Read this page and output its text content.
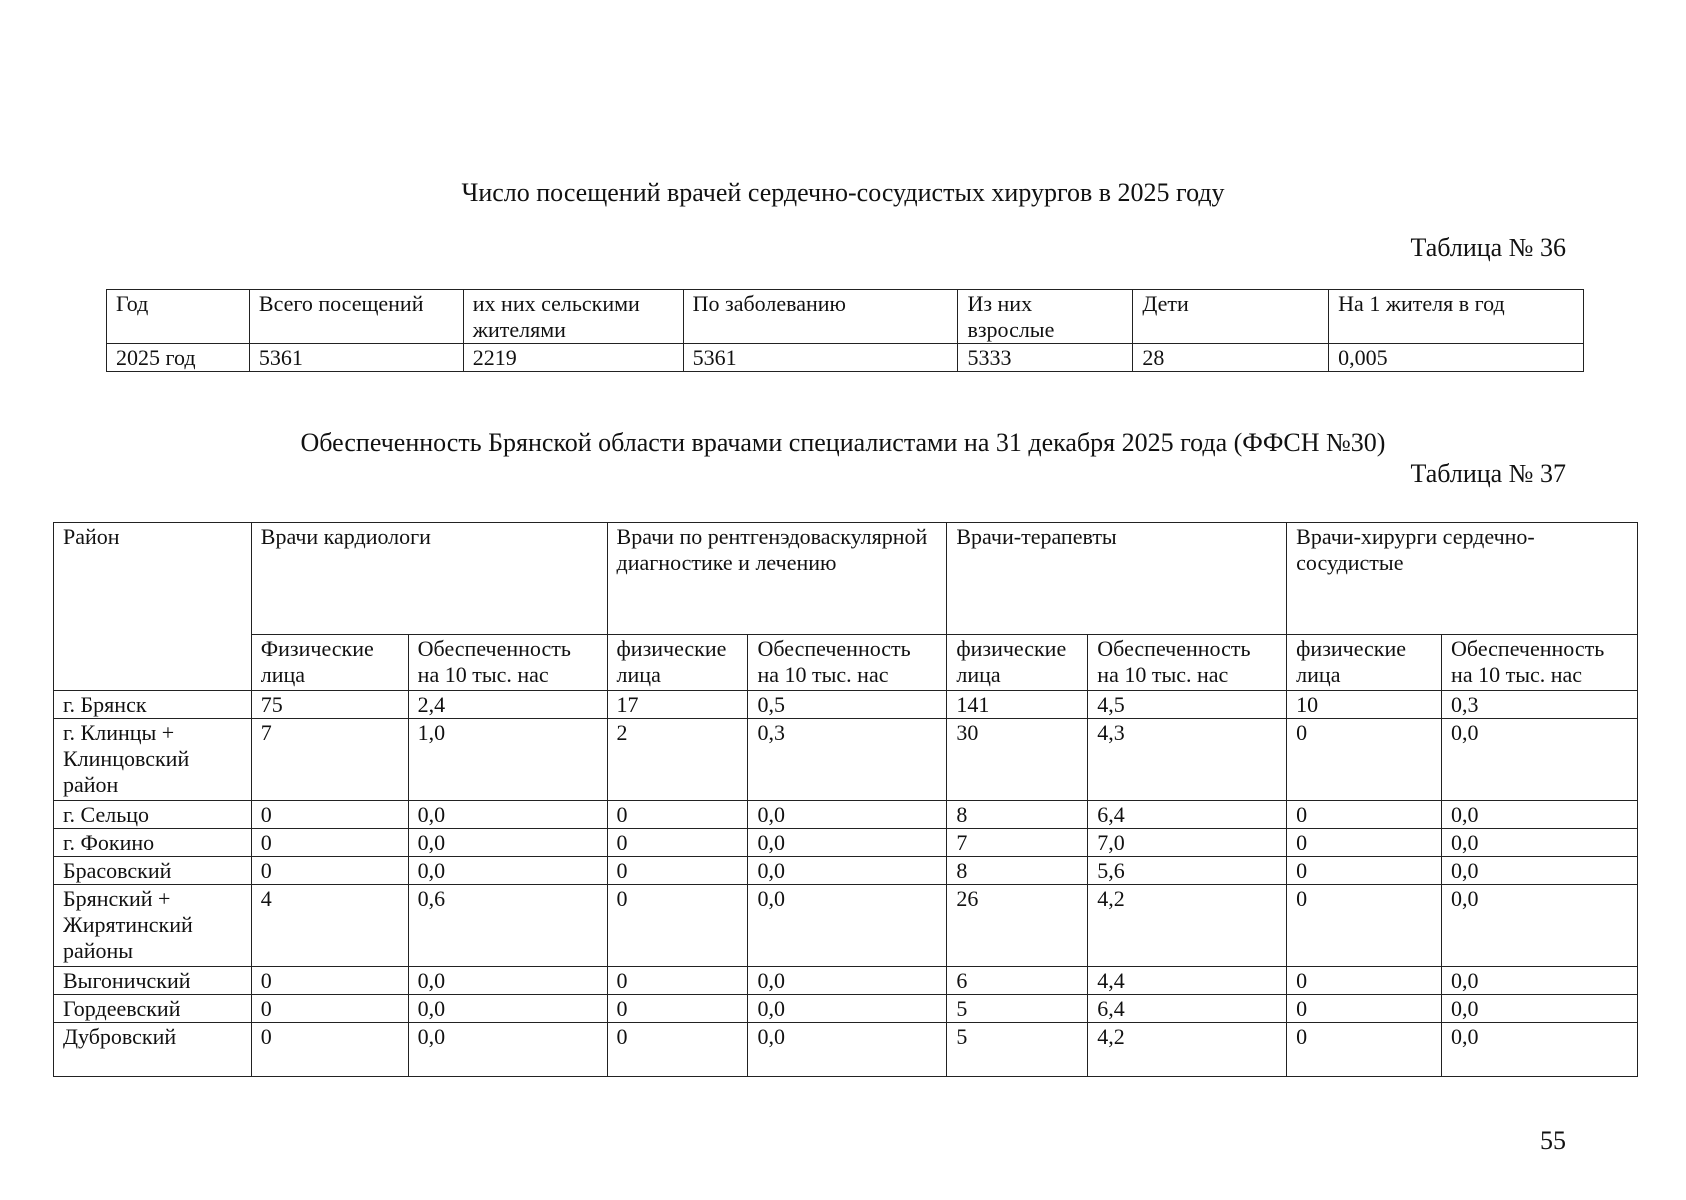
Число посещений врачей сердечно-сосудистых хирургов в 2025 году
Таблица № 36
Год	Всего посещений	их них сельскими жителями	По заболеванию	Из них взрослые	Дети	На 1 жителя в год
2025 год	5361	2219	5361	5333	28	0,005
Обеспеченность Брянской области врачами специалистами на 31 декабря 2025 года (ФФСН №30)
Таблица № 37
Район	Врачи кардиологи		Врачи по рентгенэдоваскулярной диагностике и лечению		Врачи-терапевты		Врачи-хирурги сердечно-сосудистые	
	Физические лица	Обеспеченность на 10 тыс. нас	физические лица	Обеспеченность на 10 тыс. нас	физические лица	Обеспеченность на 10 тыс. нас	физические лица	Обеспеченность на 10 тыс. нас
г. Брянск	75	2,4	17	0,5	141	4,5	10	0,3
г. Клинцы + Клинцовский район	7	1,0	2	0,3	30	4,3	0	0,0
г. Сельцо	0	0,0	0	0,0	8	6,4	0	0,0
г. Фокино	0	0,0	0	0,0	7	7,0	0	0,0
Брасовский	0	0,0	0	0,0	8	5,6	0	0,0
Брянский + Жирятинский районы	4	0,6	0	0,0	26	4,2	0	0,0
Выгоничский	0	0,0	0	0,0	6	4,4	0	0,0
Гордеевский	0	0,0	0	0,0	5	6,4	0	0,0
Дубровский	0	0,0	0	0,0	5	4,2	0	0,0
55
